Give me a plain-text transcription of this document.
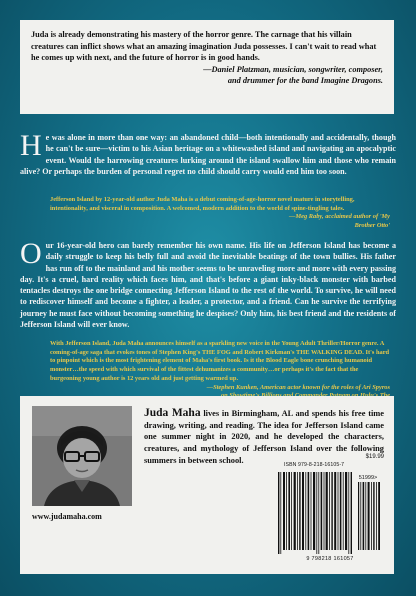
Juda is already demonstrating his mastery of the horror genre. The carnage that his villain creatures can inflict shows what an amazing imagination Juda possesses. I can't wait to read what he comes up with next, and the future of horror is in good hands.
—Daniel Platzman, musician, songwriter, composer,
and drummer for the band Imagine Dragons.
He was alone in more than one way: an abandoned child—both intentionally and accidentally, though he can't be sure—victim to his Asian heritage on a whitewashed island and navigating an apocalyptic event. Would the harrowing creatures lurking around the island swallow him and those who remain alive? Or perhaps the burden of personal regret no child should carry would end him too soon.
Jefferson Island by 12-year-old author Juda Maha is a debut coming-of-age-horror novel mature in storytelling, intentionality, and visceral in composition. A welcomed, modern addition to the world of spine-tingling tales.
—Meg Raby, acclaimed author of 'My
Brother Otto'
Our 16-year-old hero can barely remember his own name. His life on Jefferson Island has become a daily struggle to keep his belly full and avoid the inevitable beatings of the town bullies. His father has run off to the mainland and his mother seems to be unraveling more and more with every passing day. It's a cruel, hard reality which faces him, and that's before a giant inky-black monster with barbed tentacles destroys the one bridge connecting Jefferson Island to the rest of the world. To survive, he will need to rediscover himself and become a fighter, a leader, a protector, and a friend. Can he survive the terrifying journey he must face without becoming something he despises? Only him, his best friend and the residents of Jefferson Island will ever know.
With Jefferson Island, Juda Maha announces himself as a sparkling new voice in the Young Adult Thriller/Horror genre. A coming-of-age saga that evokes tones of Stephen King's THE FOG and Robert Kirkman's THE WALKING DEAD. It's hard to pinpoint which is the most frightening element of Maha's first book. Is it the Blood Eagle bone crunching humanoid monster…the speed with which survival of the fittest dehumanizes a community…or perhaps it's the fact that the burgeoning young author is 12 years old and just getting warmed up.
—Stephen Kunken, American actor known for the roles of Ari Spyros
Juda Maha lives in Birmingham, AL and spends his free time drawing, writing, and reading. The idea for Jefferson Island came one summer night in 2020, and he developed the characters, creatures, and mythology of Jefferson Island over the following summers in between school.
www.judamaha.com
$19.99
ISBN 979-8-218-16105-7
51999>
9 798218 161057
